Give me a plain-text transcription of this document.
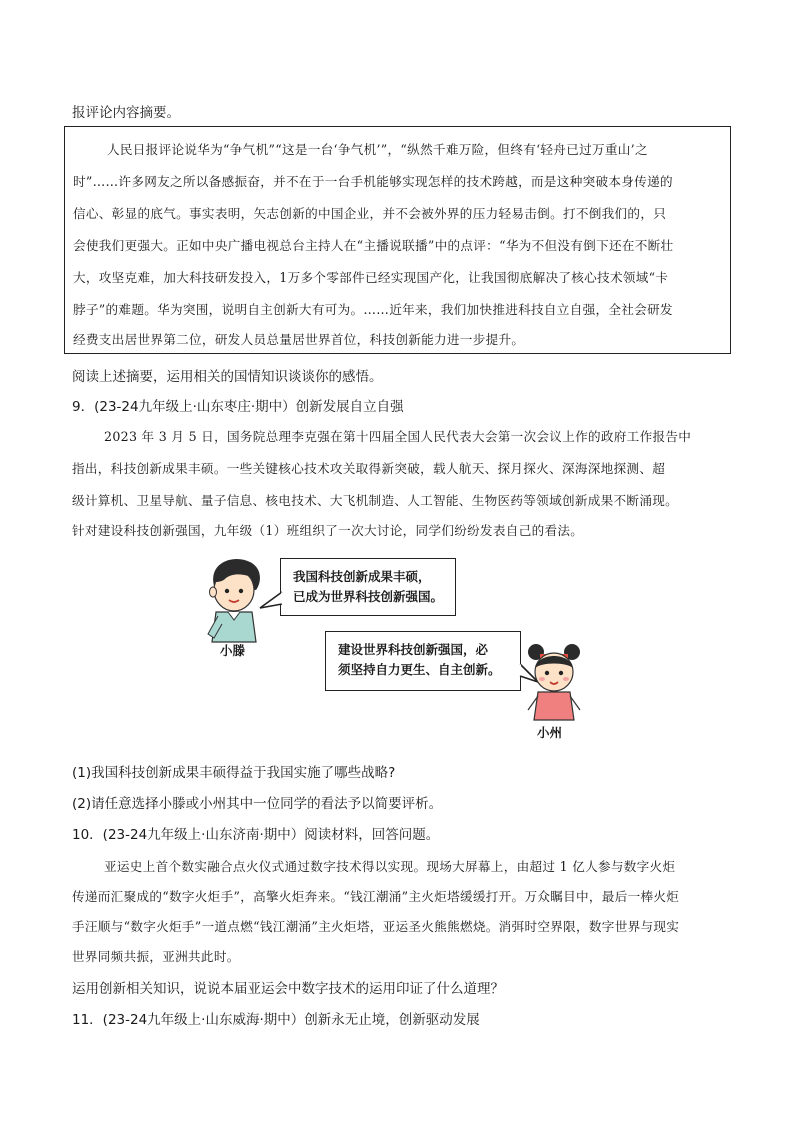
报评论内容摘要。
人民日报评论说华为“争气机”“这是一台‘争气机’”，“纵然千难万险，但终有‘轻舟已过万重山’之
时”……许多网友之所以备感振奋，并不在于一台手机能够实现怎样的技术跨越，而是这种突破本身传递的
信心、彰显的底气。事实表明，矢志创新的中国企业，并不会被外界的压力轻易击倒。打不倒我们的，只
会使我们更强大。正如中央广播电视总台主持人在“主播说联播”中的点评：“华为不但没有倒下还在不断壮
大，攻坚克难，加大科技研发投入，1万多个零部件已经实现国产化，让我国彻底解决了核心技术领域“卡
脖子”的难题。华为突围，说明自主创新大有可为。……近年来，我们加快推进科技自立自强，全社会研发
经费支出居世界第二位，研发人员总量居世界首位，科技创新能力进一步提升。
阅读上述摘要，运用相关的国情知识谈谈你的感悟。
9．(23-24九年级上·山东枣庄·期中）创新发展自立自强
2023 年 3 月 5 日，国务院总理李克强在第十四届全国人民代表大会第一次会议上作的政府工作报告中
指出，科技创新成果丰硕。一些关键核心技术攻关取得新突破，载人航天、探月探火、深海深地探测、超
级计算机、卫星导航、量子信息、核电技术、大飞机制造、人工智能、生物医药等领域创新成果不断涌现。
针对建设科技创新强国，九年级（1）班组织了一次大讨论，同学们纷纷发表自己的看法。
小滕
我国科技创新成果丰硕，
已成为世界科技创新强国。
建设世界科技创新强国，必
须坚持自力更生、自主创新。
小州
(1)我国科技创新成果丰硕得益于我国实施了哪些战略?
(2)请任意选择小滕或小州其中一位同学的看法予以简要评析。
10．(23-24九年级上·山东济南·期中）阅读材料，回答问题。
亚运史上首个数实融合点火仪式通过数字技术得以实现。现场大屏幕上，由超过 1 亿人参与数字火炬
传递而汇聚成的“数字火炬手”，高擎火炬奔来。“钱江潮涌”主火炬塔缓缓打开。万众瞩目中，最后一棒火炬
手汪顺与“数字火炬手”一道点燃“钱江潮涌”主火炬塔，亚运圣火熊熊燃烧。消弭时空界限，数字世界与现实
世界同频共振，亚洲共此时。
运用创新相关知识，说说本届亚运会中数字技术的运用印证了什么道理？
11．(23-24九年级上·山东威海·期中）创新永无止境，创新驱动发展
